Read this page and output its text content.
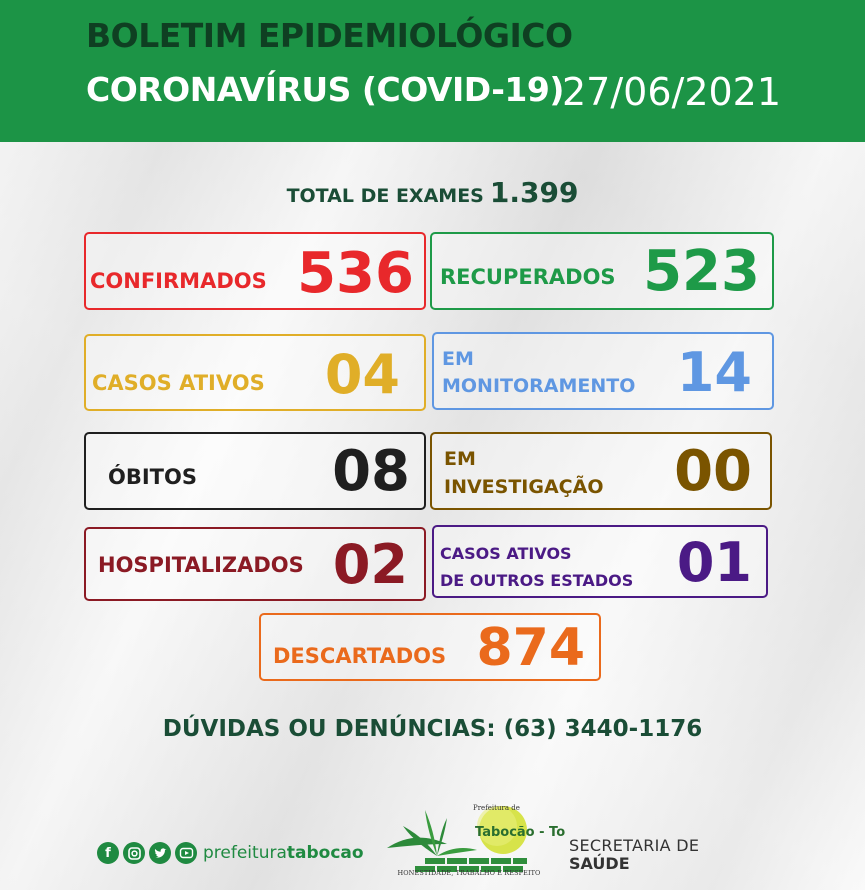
BOLETIM EPIDEMIOLÓGICO
CORONAVÍRUS (COVID-19)
27/06/2021
TOTAL DE EXAMES 1.399
CONFIRMADOS 536 RECUPERADOS 523
CASOS ATIVOS 04 EM
MONITORAMENTO 14
ÓBITOS 08 EM
INVESTIGAÇÃO 00
HOSPITALIZADOS 02 CASOS ATIVOS
DE OUTROS ESTADOS 01
DESCARTADOS 874
DÚVIDAS OU DENÚNCIAS: (63) 3440-1176
f	prefeituratabocao
Prefeitura de
Tabocão - To
HONESTIDADE, TRABALHO E RESPEITO
SECRETARIA DE
SAÚDE
